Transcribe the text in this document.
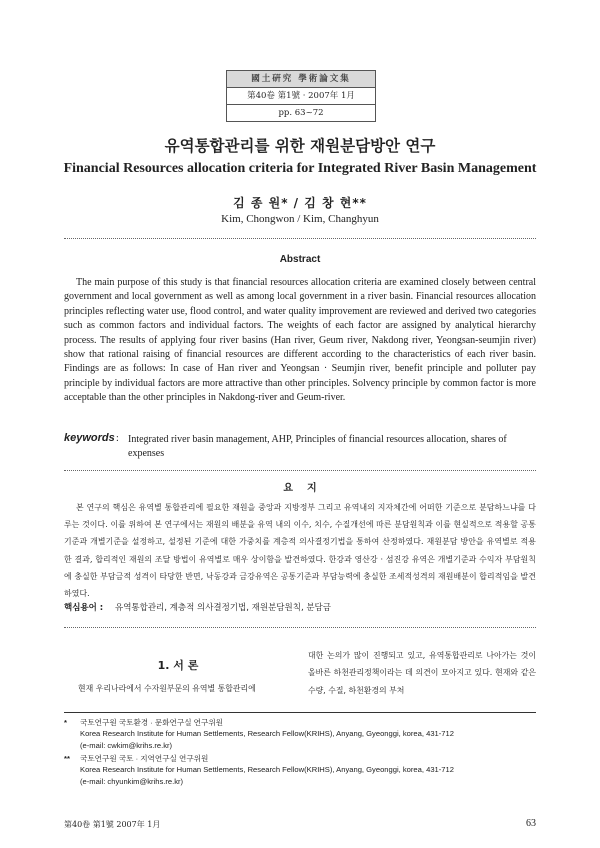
國土硏究 學術論文集
第40卷 第1號 · 2007年 1月
pp. 63~72
유역통합관리를 위한 재원분담방안 연구
Financial Resources allocation criteria for Integrated River Basin Management
김 종 원* / 김 창 현**
Kim, Chongwon / Kim, Changhyun
Abstract

The main purpose of this study is that financial resources allocation criteria are examined closely between central government and local government as well as among local government in a river basin. Financial resources allocation principles reflecting water use, flood control, and water quality improvement are reviewed and derived two categories such as common factors and individual factors. The weights of each factor are assigned by analytical hierarchy process. The results of applying four river basins (Han river, Geum river, Nakdong river, Yeongsan-seumjin river) show that rational raising of financial resources are different according to the characteristics of each river basin. Findings are as follows: In case of Han river and Yeongsan · Seumjin river, benefit principle and polluter pay principle by individual factors are more attractive than other principles. Solvency principle by common factor is more acceptable than the other principles in Nakdong-river and Geum-river.

keywords : Integrated river basin management, AHP, Principles of financial resources allocation, shares of expenses

요지

본 연구의 핵심은 유역별 통합관리에 필요한 재원을 중앙과 지방정부 그리고 유역내의 지자체간에 어떠한 기준으로 분담하느냐를 다루는 것이다. 이를 위하여 본 연구에서는 재원의 배분을 유역 내의 이수, 치수, 수질개선에 따른 분담원칙과 이를 현실적으로 적용할 공통기준과 개별기준을 설정하고, 설정된 기준에 대한 가중치를 계층적 의사결정기법을 통하여 산정하였다. 재원분담 방안을 유역별로 적용한 결과, 합리적인 재원의 조달 방법이 유역별로 매우 상이함을 발견하였다. 한강과 영산강 · 섬진강 유역은 개별기준과 수익자 부담원칙에 충실한 부담금적 성격이 타당한 반면, 낙동강과 금강유역은 공통기준과 부담능력에 충실한 조세적성격의 재원배분이 합리적임을 발견하였다.

핵심용어 : 유역통합관리, 계층적 의사결정기법, 재원분담원칙, 분담금
1. 서 론

현재 우리나라에서 수자원부문의 유역별 통합관리에

대한 논의가 많이 진행되고 있고, 유역통합관리로 나아가는 것이 올바른 하천관리정책이라는 데 의견이 모아지고 있다. 현재와 같은 수량, 수질, 하천환경의 부처

* 국토연구원 국토환경 · 문화연구실 연구위원
Korea Research Institute for Human Settlements, Research Fellow(KRIHS), Anyang, Gyeonggi, korea, 431-712
(e-mail: cwkim@krihs.re.kr)
** 국토연구원 국토 · 지역연구실 연구위원
Korea Research Institute for Human Settlements, Research Fellow(KRIHS), Anyang, Gyeonggi, korea, 431-712
(e-mail: chyunkim@krihs.re.kr)
第40卷 第1號 2007年 1月	63
